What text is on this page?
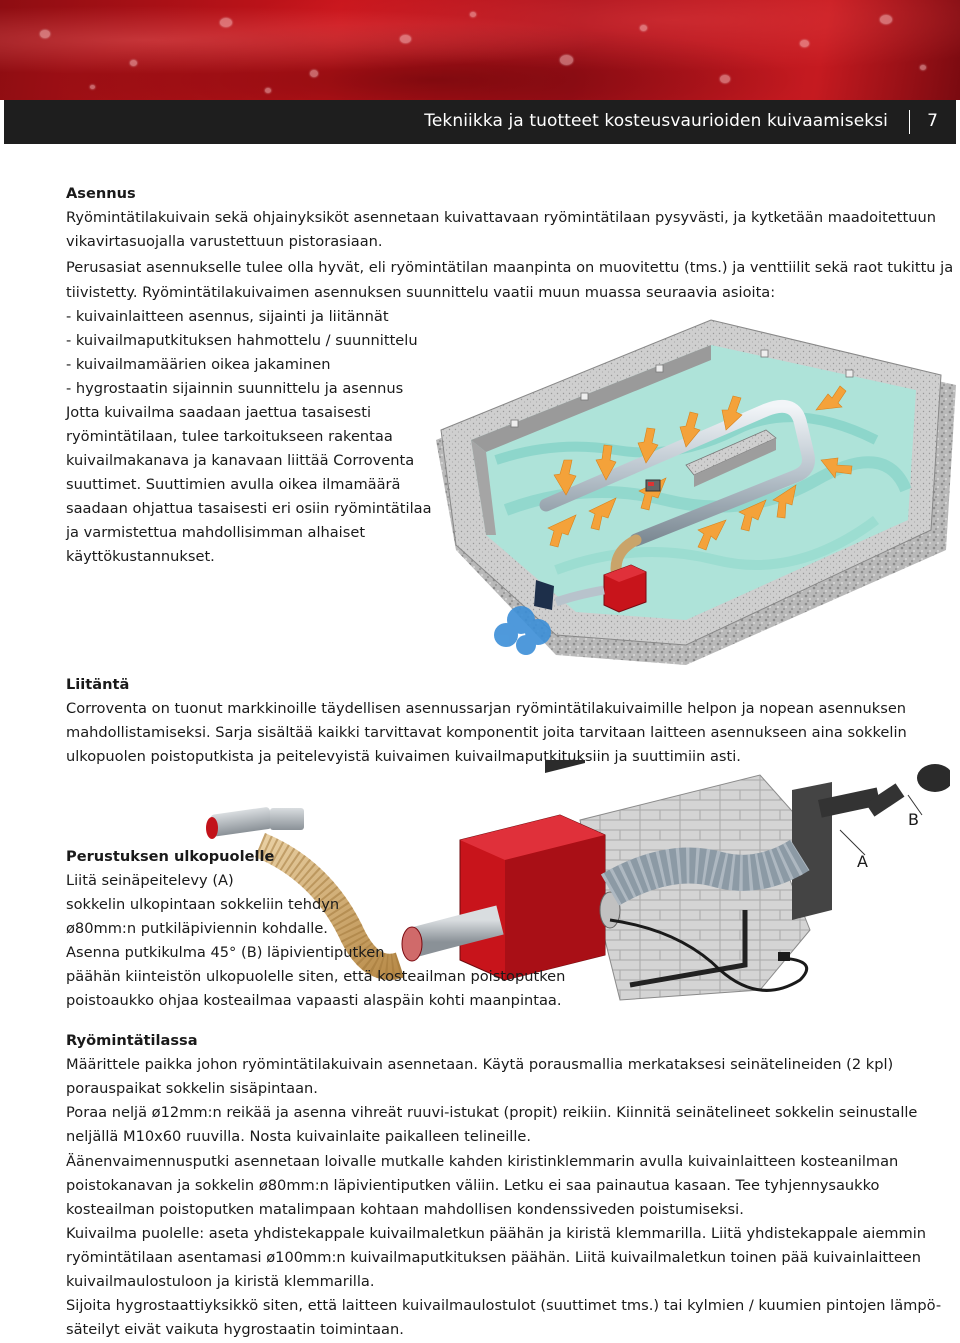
Tekniikka ja tuotteet kosteusvaurioiden kuivaamiseksi 7
Asennus
Ryömintätilakuivain sekä ohjainyksiköt asennetaan kuivattavaan ryömintätilaan pysyvästi, ja kytketään maadoitettuun
vikavirtasuojalla varustettuun pistorasiaan.
Perusasiat asennukselle tulee olla hyvät, eli ryömintätilan maanpinta on muovitettu (tms.) ja venttiilit sekä raot tukittu ja
tiivistetty. Ryömintätilakuivaimen asennuksen suunnittelu vaatii muun muassa seuraavia asioita:
- kuivainlaitteen asennus, sijainti ja liitännät
- kuivailmaputkituksen hahmottelu / suunnittelu
- kuivailmamäärien oikea jakaminen
- hygrostaatin sijainnin suunnittelu ja asennus
Jotta kuivailma saadaan jaettua tasaisesti
ryömintätilaan, tulee tarkoitukseen rakentaa
kuivailmakanava ja kanavaan liittää Corroventa
suuttimet. Suuttimien avulla oikea ilmamäärä
saadaan ohjattua tasaisesti eri osiin ryömintätilaa
ja varmistettua mahdollisimman alhaiset
käyttökustannukset.
Liitäntä
Corroventa on tuonut markkinoille täydellisen asennussarjan ryömintätilakuivaimille helpon ja nopean asennuksen
mahdollistamiseksi. Sarja sisältää kaikki tarvittavat komponentit joita tarvitaan laitteen asennukseen aina sokkelin
ulkopuolen poistoputkista ja peitelevyistä kuivaimen kuivailmaputkituksiin ja suuttimiin asti.
B
A
Perustuksen ulkopuolelle
Liitä seinäpeitelevy (A)
sokkelin ulkopintaan sokkeliin tehdyn
ø80mm:n putkiläpiviennin kohdalle.
Asenna putkikulma 45° (B) läpivientiputken
päähän kiinteistön ulkopuolelle siten, että kosteailman poistoputken
poistoaukko ohjaa kosteailmaa vapaasti alaspäin kohti maanpintaa.
Ryömintätilassa
Määrittele paikka johon ryömintätilakuivain asennetaan. Käytä porausmallia merkataksesi seinätelineiden (2 kpl)
porauspaikat sokkelin sisäpintaan.
Poraa neljä ø12mm:n reikää ja asenna vihreät ruuvi-istukat (propit) reikiin. Kiinnitä seinätelineet sokkelin seinustalle
neljällä M10x60 ruuvilla. Nosta kuivainlaite paikalleen telineille.
Äänenvaimennusputki asennetaan loivalle mutkalle kahden kiristinklemmarin avulla kuivainlaitteen kosteanilman
poistokanavan ja sokkelin ø80mm:n läpivientiputken väliin. Letku ei saa painautua kasaan. Tee tyhjennysaukko
kosteailman poistoputken matalimpaan kohtaan mahdollisen kondenssiveden poistumiseksi.
Kuivailma puolelle: aseta yhdistekappale kuivailmaletkun päähän ja kiristä klemmarilla. Liitä yhdistekappale aiemmin
ryömintätilaan asentamasi ø100mm:n kuivailmaputkituksen päähän. Liitä kuivailmaletkun toinen pää kuivainlaitteen
kuivailmaulostuloon ja kiristä klemmarilla.
Sijoita hygrostaattiyksikkö siten, että laitteen kuivailmaulostulot (suuttimet tms.) tai kylmien / kuumien pintojen lämpö-
säteilyt eivät vaikuta hygrostaatin toimintaan.
